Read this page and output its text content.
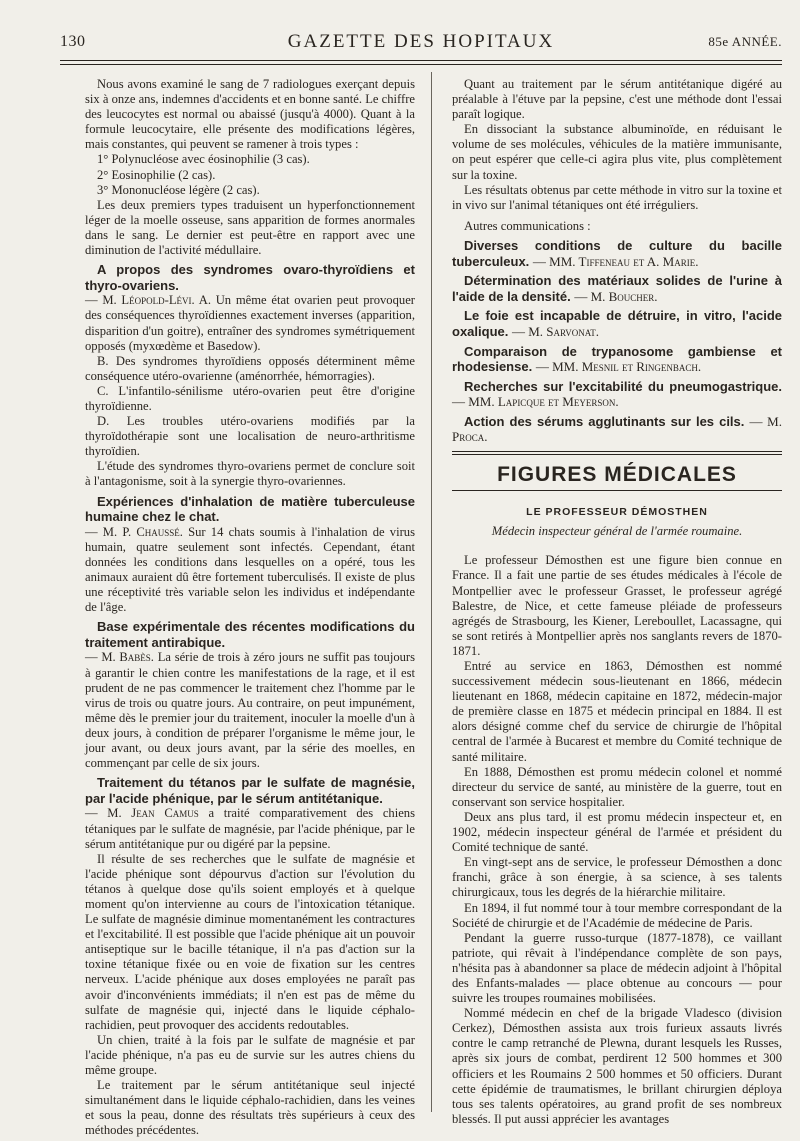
130	GAZETTE DES HOPITAUX	85e ANNÉE.

Nous avons examiné le sang de 7 radiologues exerçant depuis six à onze ans, indemnes d'accidents et en bonne santé. Le chiffre des leucocytes est normal ou abaissé (jusqu'à 4000). Quant à la formule leucocytaire, elle présente des modifications légères, mais constantes, qui peuvent se ramener à trois types :

1° Polynucléose avec éosinophilie (3 cas).

2° Eosinophilie (2 cas).

3° Mononucléose légère (2 cas).

Les deux premiers types traduisent un hyperfonctionnement léger de la moelle osseuse, sans apparition de formes anormales dans le sang. Le dernier est peut-être en rapport avec une diminution de l'activité médullaire.

A propos des syndromes ovaro-thyroïdiens et thyro-ovariens.

— M. Léopold-Lévi. A. Un même état ovarien peut provoquer des conséquences thyroïdiennes exactement inverses (apparition, disparition d'un goitre), entraîner des syndromes symétriquement opposés (myxœdème et Basedow).

B. Des syndromes thyroïdiens opposés déterminent même conséquence utéro-ovarienne (aménorrhée, hémorragies).

C. L'infantilo-sénilisme utéro-ovarien peut être d'origine thyroïdienne.

D. Les troubles utéro-ovariens modifiés par la thyroïdothérapie sont une localisation de neuro-arthritisme thyroïdien.

L'étude des syndromes thyro-ovariens permet de conclure soit à l'antagonisme, soit à la synergie thyro-ovariennes.

Expériences d'inhalation de matière tuberculeuse humaine chez le chat.

— M. P. Chaussé. Sur 14 chats soumis à l'inhalation de virus humain, quatre seulement sont infectés. Cependant, étant données les conditions dans lesquelles on a opéré, tous les animaux auraient dû être fortement tuberculisés. Il existe de plus une réceptivité très variable selon les individus et indépendante de l'âge.

Base expérimentale des récentes modifications du traitement antirabique.

— M. Babès. La série de trois à zéro jours ne suffit pas toujours à garantir le chien contre les manifestations de la rage, et il est prudent de ne pas commencer le traitement chez l'homme par le virus de trois ou quatre jours. Au contraire, on peut impunément, même dès le premier jour du traitement, inoculer la moelle d'un à deux jours, à condition de préparer l'organisme le même jour, le jour avant, ou deux jours avant, par la série des moelles, en commençant par celle de six jours.

Traitement du tétanos par le sulfate de magnésie, par l'acide phénique, par le sérum antitétanique.

— M. Jean Camus a traité comparativement des chiens tétaniques par le sulfate de magnésie, par l'acide phénique, par le sérum antitétanique pur ou digéré par la pepsine.

Il résulte de ses recherches que le sulfate de magnésie et l'acide phénique sont dépourvus d'action sur l'évolution du tétanos à quelque dose qu'ils soient employés et à quelque moment qu'on intervienne au cours de l'intoxication tétanique. Le sulfate de magnésie diminue momentanément les contractures et l'excitabilité. Il est possible que l'acide phénique ait un pouvoir antiseptique sur le bacille tétanique, il n'a pas d'action sur la toxine tétanique fixée ou en voie de fixation sur les centres nerveux. L'acide phénique aux doses employées ne paraît pas avoir d'inconvénients immédiats; il n'en est pas de même du sulfate de magnésie qui, injecté dans le liquide céphalo-rachidien, peut provoquer des accidents redoutables.

Un chien, traité à la fois par le sulfate de magnésie et par l'acide phénique, n'a pas eu de survie sur les autres chiens du même groupe.

Le traitement par le sérum antitétanique seul injecté simultanément dans le liquide céphalo-rachidien, dans les veines et sous la peau, donne des résultats très supérieurs à ceux des méthodes précédentes.

Quant au traitement par le sérum antitétanique digéré au préalable à l'étuve par la pepsine, c'est une méthode dont l'essai paraît logique.

En dissociant la substance albuminoïde, en réduisant le volume de ses molécules, véhicules de la matière immunisante, on peut espérer que celle-ci agira plus vite, plus complètement sur la toxine.

Les résultats obtenus par cette méthode in vitro sur la toxine et in vivo sur l'animal tétaniques ont été irréguliers.

Autres communications :

Diverses conditions de culture du bacille tuberculeux. — MM. Tiffeneau et A. Marie.

Détermination des matériaux solides de l'urine à l'aide de la densité. — M. Boucher.

Le foie est incapable de détruire, in vitro, l'acide oxalique. — M. Sarvonat.

Comparaison de trypanosome gambiense et rhodesiense. — MM. Mesnil et Ringenbach.

Recherches sur l'excitabilité du pneumogastrique. — MM. Lapicque et Meyerson.

Action des sérums agglutinants sur les cils. — M. Proca.

FIGURES MÉDICALES
LE PROFESSEUR DÉMOSTHEN
Médecin inspecteur général de l'armée roumaine.

Le professeur Démosthen est une figure bien connue en France. Il a fait une partie de ses études médicales à l'école de Montpellier avec le professeur Grasset, le professeur agrégé Balestre, de Nice, et cette fameuse pléiade de professeurs agrégés de Strasbourg, les Kiener, Lereboullet, Lacassagne, qui se sont retirés à Montpellier après nos sanglants revers de 1870-1871.

Entré au service en 1863, Démosthen est nommé successivement médecin sous-lieutenant en 1866, médecin lieutenant en 1868, médecin capitaine en 1872, médecin-major de première classe en 1875 et médecin principal en 1884. Il est alors désigné comme chef du service de chirurgie de l'hôpital central de l'armée à Bucarest et membre du Comité technique de santé militaire.

En 1888, Démosthen est promu médecin colonel et nommé directeur du service de santé, au ministère de la guerre, tout en conservant son service hospitalier.

Deux ans plus tard, il est promu médecin inspecteur et, en 1902, médecin inspecteur général de l'armée et président du Comité technique de santé.

En vingt-sept ans de service, le professeur Démosthen a donc franchi, grâce à son énergie, à sa science, à ses talents chirurgicaux, tous les degrés de la hiérarchie militaire.

En 1894, il fut nommé tour à tour membre correspondant de la Société de chirurgie et de l'Académie de médecine de Paris.

Pendant la guerre russo-turque (1877-1878), ce vaillant patriote, qui rêvait à l'indépendance complète de son pays, n'hésita pas à abandonner sa place de médecin adjoint à l'hôpital des Enfants-malades — place obtenue au concours — pour suivre les troupes roumaines mobilisées.

Nommé médecin en chef de la brigade Vladesco (division Cerkez), Démosthen assista aux trois furieux assauts livrés contre le camp retranché de Plewna, durant lesquels les Russes, après six jours de combat, perdirent 12 500 hommes et 300 officiers et les Roumains 2 500 hommes et 50 officiers. Durant cette épidémie de traumatismes, le brillant chirurgien déploya tous ses talents opératoires, au grand profit de ses nombreux blessés. Il put aussi apprécier les avantages
